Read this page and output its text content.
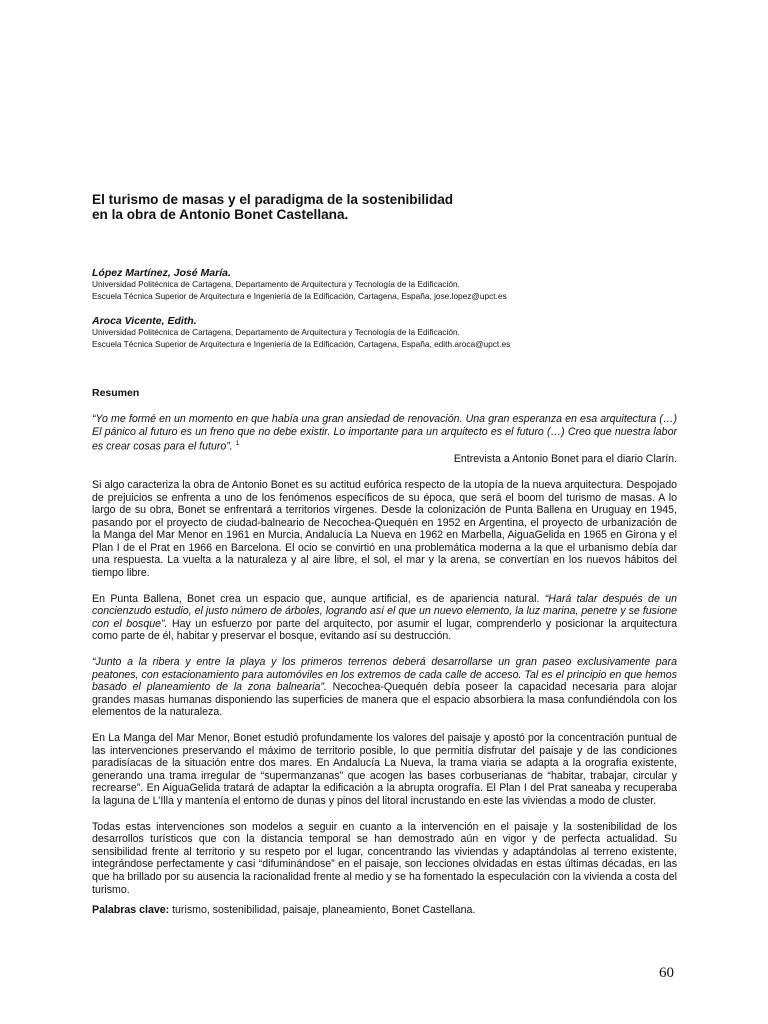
El turismo de masas y el paradigma de la sostenibilidad
en la obra de Antonio Bonet Castellana.

López Martínez, José María.

Universidad Politécnica de Cartagena, Departamento de Arquitectura y Tecnología de la Edificación.

Escuela Técnica Superior de Arquitectura e Ingeniería de la Edificación, Cartagena, España, jose.lopez@upct.es

Aroca Vicente, Edith.

Universidad Politécnica de Cartagena, Departamento de Arquitectura y Tecnología de la Edificación.

Escuela Técnica Superior de Arquitectura e Ingeniería de la Edificación, Cartagena, España, edith.aroca@upct.es

Resumen

“Yo me formé en un momento en que había una gran ansiedad de renovación. Una gran esperanza en esa arquitectura (…) El pánico al futuro es un freno que no debe existir. Lo importante para un arquitecto es el futuro (…) Creo que nuestra labor es crear cosas para el futuro”. $^1$

Entrevista a Antonio Bonet para el diario Clarín.

Si algo caracteriza la obra de Antonio Bonet es su actitud eufórica respecto de la utopía de la nueva arquitectura. Despojado de prejuicios se enfrenta a uno de los fenómenos específicos de su época, que será el boom del turismo de masas. A lo largo de su obra, Bonet se enfrentará a territorios vírgenes. Desde la colonización de Punta Ballena en Uruguay en 1945, pasando por el proyecto de ciudad-balneario de Necochea-Quequén en 1952 en Argentina, el proyecto de urbanización de la Manga del Mar Menor en 1961 en Murcia, Andalucía La Nueva en 1962 en Marbella, AiguaGelida en 1965 en Girona y el Plan I de el Prat en 1966 en Barcelona. El ocio se convirtió en una problemática moderna a la que el urbanismo debía dar una respuesta. La vuelta a la naturaleza y al aire libre, el sol, el mar y la arena, se convertían en los nuevos hábitos del tiempo libre.

En Punta Ballena, Bonet crea un espacio que, aunque artificial, es de apariencia natural. “Hará talar después de un concienzudo estudio, el justo número de árboles, logrando así el que un nuevo elemento, la luz marina, penetre y se fusione con el bosque”. Hay un esfuerzo por parte del arquitecto, por asumir el lugar, comprenderlo y posicionar la arquitectura como parte de él, habitar y preservar el bosque, evitando así su destrucción.

“Junto a la ribera y entre la playa y los primeros terrenos deberá desarrollarse un gran paseo exclusivamente para peatones, con estacionamiento para automóviles en los extremos de cada calle de acceso. Tal es el principio en que hemos basado el planeamiento de la zona balnearia”. Necochea-Quequén debía poseer la capacidad necesaria para alojar grandes masas humanas disponiendo las superficies de manera que el espacio absorbiera la masa confundiéndola con los elementos de la naturaleza.

En La Manga del Mar Menor, Bonet estudió profundamente los valores del paisaje y apostó por la concentración puntual de las intervenciones preservando el máximo de territorio posible, lo que permitía disfrutar del paisaje y de las condiciones paradisíacas de la situación entre dos mares. En Andalucía La Nueva, la trama viaria se adapta a la orografía existente, generando una trama irregular de “supermanzanas” que acogen las bases corbuserianas de “habitar, trabajar, circular y recrearse”. En AiguaGelida tratará de adaptar la edificación a la abrupta orografía. El Plan I del Prat saneaba y recuperaba la laguna de L’Illa y mantenía el entorno de dunas y pinos del litoral incrustando en este las viviendas a modo de cluster.

Todas estas intervenciones son modelos a seguir en cuanto a la intervención en el paisaje y la sostenibilidad de los desarrollos turísticos que con la distancia temporal se han demostrado aún en vigor y de perfecta actualidad. Su sensibilidad frente al territorio y su respeto por el lugar, concentrando las viviendas y adaptándolas al terreno existente, integrándose perfectamente y casi “difuminándose” en el paisaje, son lecciones olvidadas en estas últimas décadas, en las que ha brillado por su ausencia la racionalidad frente al medio y se ha fomentado la especulación con la vivienda a costa del turismo.

Palabras clave: turismo, sostenibilidad, paisaje, planeamiento, Bonet Castellana.

60
